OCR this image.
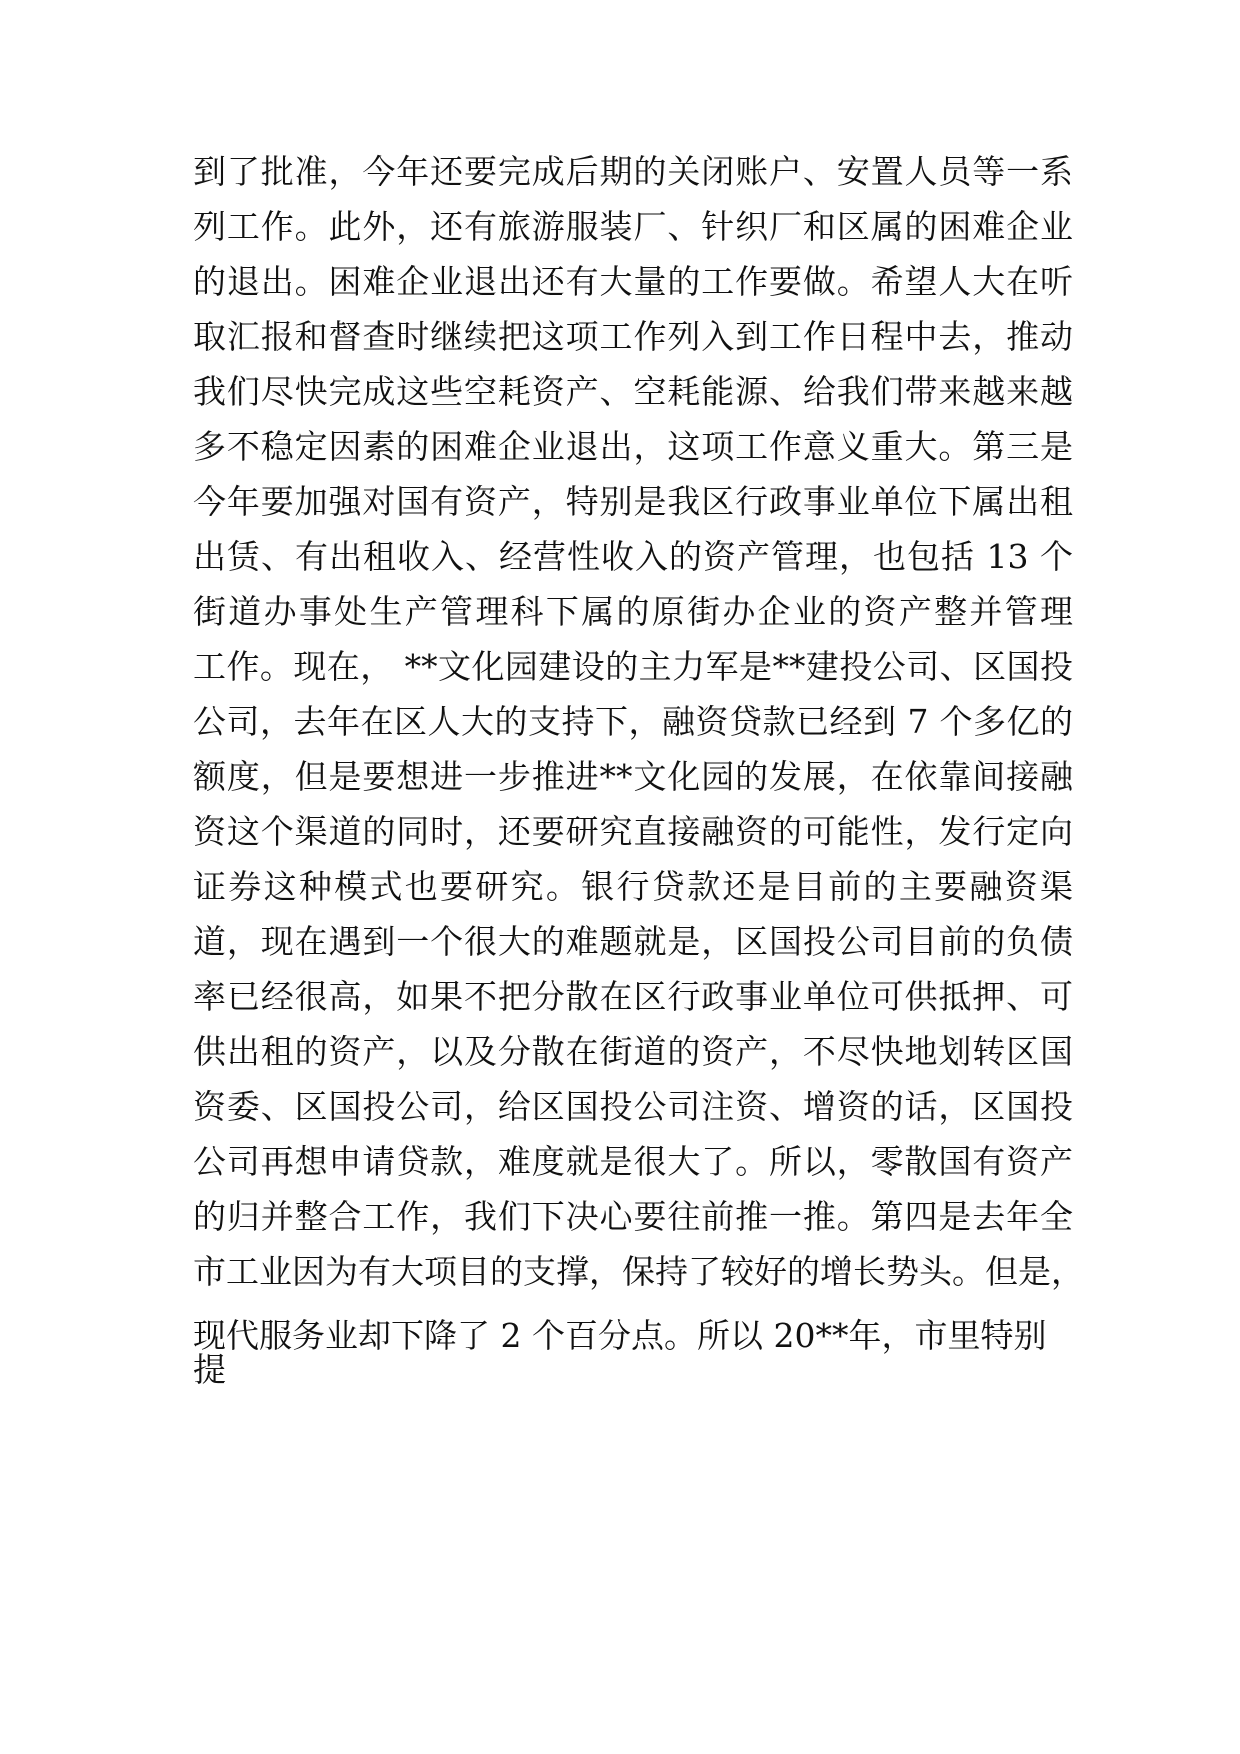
到了批准，今年还要完成后期的关闭账户、安置人员等一系
列工作。此外，还有旅游服装厂、针织厂和区属的困难企业
的退出。困难企业退出还有大量的工作要做。希望人大在听
取汇报和督查时继续把这项工作列入到工作日程中去，推动
我们尽快完成这些空耗资产、空耗能源、给我们带来越来越
多不稳定因素的困难企业退出，这项工作意义重大。第三是
今年要加强对国有资产，特别是我区行政事业单位下属出租
出赁、有出租收入、经营性收入的资产管理，也包括 13 个
街道办事处生产管理科下属的原街办企业的资产整并管理
工作。现在， **文化园建设的主力军是**建投公司、区国投
公司，去年在区人大的支持下，融资贷款已经到 7 个多亿的
额度，但是要想进一步推进**文化园的发展，在依靠间接融
资这个渠道的同时，还要研究直接融资的可能性，发行定向
证券这种模式也要研究。银行贷款还是目前的主要融资渠
道，现在遇到一个很大的难题就是，区国投公司目前的负债
率已经很高，如果不把分散在区行政事业单位可供抵押、可
供出租的资产，以及分散在街道的资产，不尽快地划转区国
资委、区国投公司，给区国投公司注资、增资的话，区国投
公司再想申请贷款，难度就是很大了。所以，零散国有资产
的归并整合工作，我们下决心要往前推一推。第四是去年全
市工业因为有大项目的支撑，保持了较好的增长势头。但是，
现代服务业却下降了 2 个百分点。所以 20**年，市里特别
提
